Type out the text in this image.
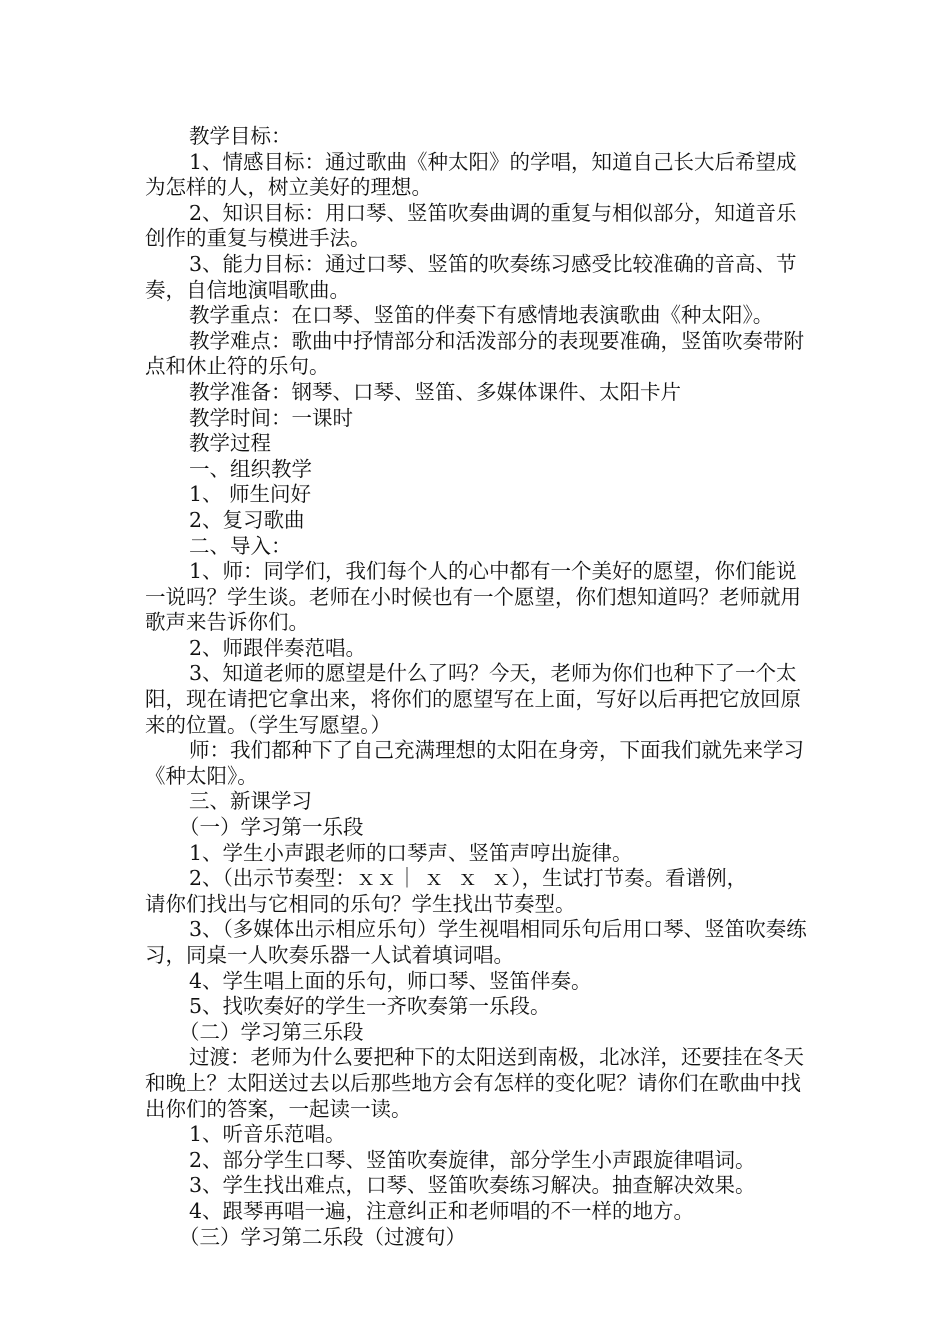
教学目标：

1、情感目标：通过歌曲《种太阳》的学唱，知道自己长大后希望成为怎样的人，树立美好的理想。

2、知识目标：用口琴、竖笛吹奏曲调的重复与相似部分，知道音乐创作的重复与模进手法。

3、能力目标：通过口琴、竖笛的吹奏练习感受比较准确的音高、节奏，自信地演唱歌曲。

教学重点：在口琴、竖笛的伴奏下有感情地表演歌曲《种太阳》。

教学难点：歌曲中抒情部分和活泼部分的表现要准确，竖笛吹奏带附点和休止符的乐句。

教学准备：钢琴、口琴、竖笛、多媒体课件、太阳卡片

教学时间：一课时

教学过程

一、组织教学

1、 师生问好

2、复习歌曲

二、导入：

1、师：同学们，我们每个人的心中都有一个美好的愿望，你们能说一说吗？学生谈。老师在小时候也有一个愿望，你们想知道吗？老师就用歌声来告诉你们。

2、师跟伴奏范唱。

3、知道老师的愿望是什么了吗？今天，老师为你们也种下了一个太阳，现在请把它拿出来，将你们的愿望写在上面，写好以后再把它放回原来的位置。（学生写愿望。）

师：我们都种下了自己充满理想的太阳在身旁，下面我们就先来学习《种太阳》。

三、新课学习

（一）学习第一乐段

1、学生小声跟老师的口琴声、竖笛声哼出旋律。

2、（出示节奏型：ｘｘ｜ ｘ  ｘ  ｘ），生试打节奏。看谱例，

请你们找出与它相同的乐句？学生找出节奏型。

3、（多媒体出示相应乐句）学生视唱相同乐句后用口琴、竖笛吹奏练习，同桌一人吹奏乐器一人试着填词唱。

4、学生唱上面的乐句，师口琴、竖笛伴奏。

5、找吹奏好的学生一齐吹奏第一乐段。

（二）学习第三乐段

过渡：老师为什么要把种下的太阳送到南极，北冰洋，还要挂在冬天和晚上？太阳送过去以后那些地方会有怎样的变化呢？请你们在歌曲中找出你们的答案，一起读一读。

1、听音乐范唱。

2、部分学生口琴、竖笛吹奏旋律，部分学生小声跟旋律唱词。

3、学生找出难点，口琴、竖笛吹奏练习解决。抽查解决效果。

4、跟琴再唱一遍，注意纠正和老师唱的不一样的地方。

（三）学习第二乐段（过渡句）
